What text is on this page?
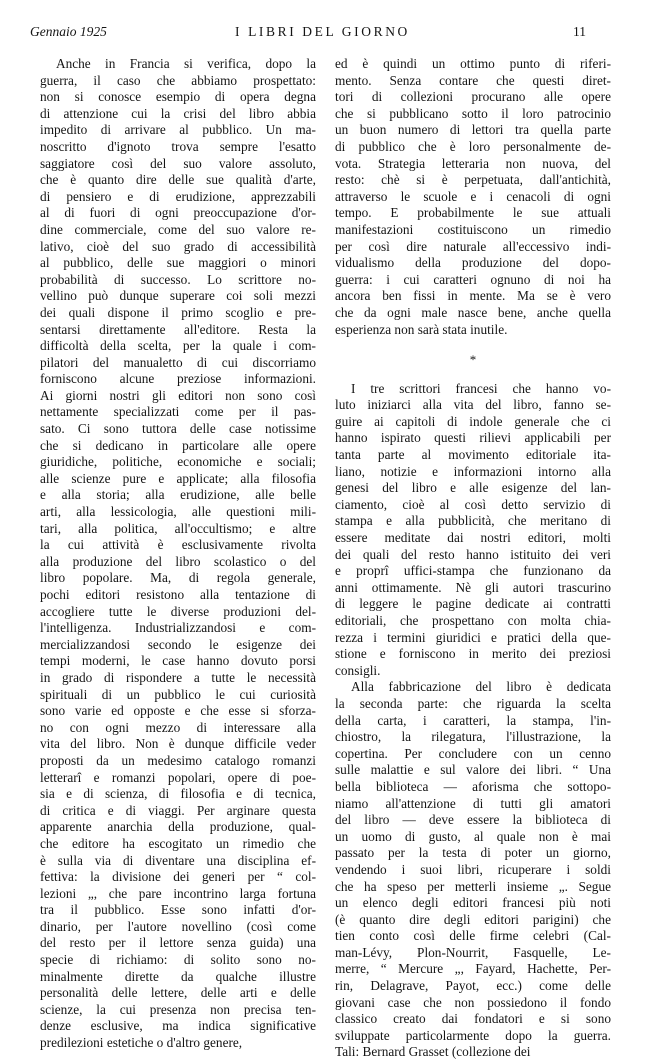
Gennaio 1925	I LIBRI DEL GIORNO	11
Anche in Francia si verifica, dopo la
guerra, il caso che abbiamo prospettato:
non si conosce esempio di opera degna
di attenzione cui la crisi del libro abbia
impedito di arrivare al pubblico. Un ma-
noscritto d'ignoto trova sempre l'esatto
saggiatore così del suo valore assoluto,
che è quanto dire delle sue qualità d'arte,
di pensiero e di erudizione, apprezzabili
al di fuori di ogni preoccupazione d'or-
dine commerciale, come del suo valore re-
lativo, cioè del suo grado di accessibilità
al pubblico, delle sue maggiori o minori
probabilità di successo. Lo scrittore no-
vellino può dunque superare coi soli mezzi
dei quali dispone il primo scoglio e pre-
sentarsi direttamente all'editore. Resta la
difficoltà della scelta, per la quale i com-
pilatori del manualetto di cui discorriamo
forniscono alcune preziose informazioni.
Ai giorni nostri gli editori non sono così
nettamente specializzati come per il pas-
sato. Ci sono tuttora delle case notissime
che si dedicano in particolare alle opere
giuridiche, politiche, economiche e sociali;
alle scienze pure e applicate; alla filosofia
e alla storia; alla erudizione, alle belle
arti, alla lessicologia, alle questioni mili-
tari, alla politica, all'occultismo; e altre
la cui attività è esclusivamente rivolta
alla produzione del libro scolastico o del
libro popolare. Ma, di regola generale,
pochi editori resistono alla tentazione di
accogliere tutte le diverse produzioni del-
l'intelligenza. Industrializzandosi e com-
mercializzandosi secondo le esigenze dei
tempi moderni, le case hanno dovuto porsi
in grado di rispondere a tutte le necessità
spirituali di un pubblico le cui curiosità
sono varie ed opposte e che esse si sforza-
no con ogni mezzo di interessare alla
vita del libro. Non è dunque difficile veder
proposti da un medesimo catalogo romanzi
letterarî e romanzi popolari, opere di poe-
sia e di scienza, di filosofia e di tecnica,
di critica e di viaggi. Per arginare questa
apparente anarchia della produzione, qual-
che editore ha escogitato un rimedio che
è sulla via di diventare una disciplina ef-
fettiva: la divisione dei generi per “ col-
lezioni „, che pare incontrino larga fortuna
tra il pubblico. Esse sono infatti d'or-
dinario, per l'autore novellino (così come
del resto per il lettore senza guida) una
specie di richiamo: di solito sono no-
minalmente dirette da qualche illustre
personalità delle lettere, delle arti e delle
scienze, la cui presenza non precisa ten-
denze esclusive, ma indica significative
predilezioni estetiche o d'altro genere,
ed è quindi un ottimo punto di riferi-
mento. Senza contare che questi diret-
tori di collezioni procurano alle opere
che si pubblicano sotto il loro patrocinio
un buon numero di lettori tra quella parte
di pubblico che è loro personalmente de-
vota. Strategia letteraria non nuova, del
resto: chè si è perpetuata, dall'antichità,
attraverso le scuole e i cenacoli di ogni
tempo. E probabilmente le sue attuali
manifestazioni costituiscono un rimedio
per così dire naturale all'eccessivo indi-
vidualismo della produzione del dopo-
guerra: i cui caratteri ognuno di noi ha
ancora ben fissi in mente. Ma se è vero
che da ogni male nasce bene, anche quella
esperienza non sarà stata inutile.
*
I tre scrittori francesi che hanno vo-
luto iniziarci alla vita del libro, fanno se-
guire ai capitoli di indole generale che ci
hanno ispirato questi rilievi applicabili per
tanta parte al movimento editoriale ita-
liano, notizie e informazioni intorno alla
genesi del libro e alle esigenze del lan-
ciamento, cioè al così detto servizio di
stampa e alla pubblicità, che meritano di
essere meditate dai nostri editori, molti
dei quali del resto hanno istituito dei veri
e proprî uffici-stampa che funzionano da
anni ottimamente. Nè gli autori trascurino
di leggere le pagine dedicate ai contratti
editoriali, che prospettano con molta chia-
rezza i termini giuridici e pratici della que-
stione e forniscono in merito dei preziosi
consigli.
Alla fabbricazione del libro è dedicata
la seconda parte: che riguarda la scelta
della carta, i caratteri, la stampa, l'in-
chiostro, la rilegatura, l'illustrazione, la
copertina. Per concludere con un cenno
sulle malattie e sul valore dei libri. “ Una
bella biblioteca — aforisma che sottopo-
niamo all'attenzione di tutti gli amatori
del libro — deve essere la biblioteca di
un uomo di gusto, al quale non è mai
passato per la testa di poter un giorno,
vendendo i suoi libri, ricuperare i soldi
che ha speso per metterli insieme „. Segue
un elenco degli editori francesi più noti
(è quanto dire degli editori parigini) che
tien conto così delle firme celebri (Cal-
man-Lévy, Plon-Nourrit, Fasquelle, Le-
merre, “ Mercure „, Fayard, Hachette, Per-
rin, Delagrave, Payot, ecc.) come delle
giovani case che non possiedono il fondo
classico creato dai fondatori e si sono
sviluppate particolarmente dopo la guerra.
Tali: Bernard Grasset (collezione dei
